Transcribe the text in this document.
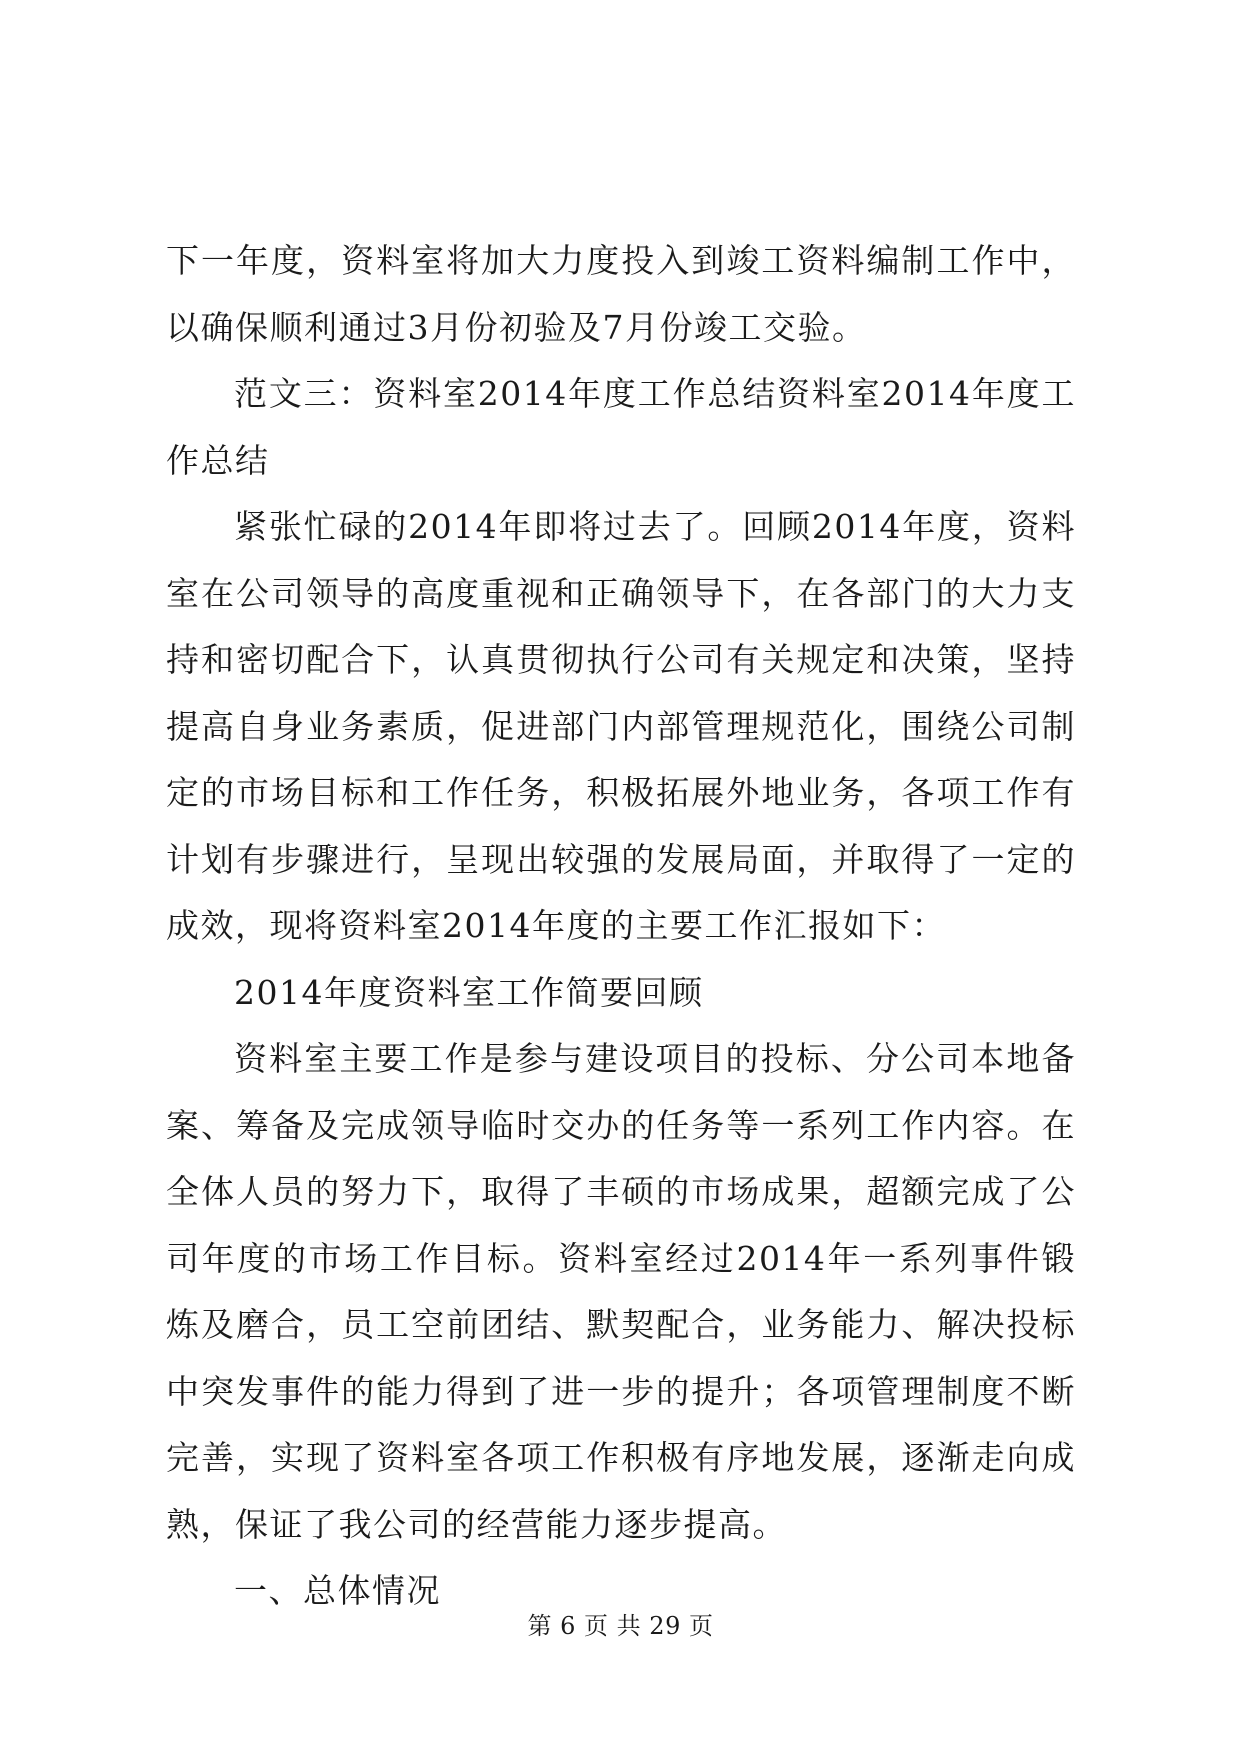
下一年度，资料室将加大力度投入到竣工资料编制工作中，以确保顺利通过3月份初验及7月份竣工交验。

范文三：资料室2014年度工作总结资料室2014年度工作总结

紧张忙碌的2014年即将过去了。回顾2014年度，资料室在公司领导的高度重视和正确领导下，在各部门的大力支持和密切配合下，认真贯彻执行公司有关规定和决策，坚持提高自身业务素质，促进部门内部管理规范化，围绕公司制定的市场目标和工作任务，积极拓展外地业务，各项工作有计划有步骤进行，呈现出较强的发展局面，并取得了一定的成效，现将资料室2014年度的主要工作汇报如下：

2014年度资料室工作简要回顾

资料室主要工作是参与建设项目的投标、分公司本地备案、筹备及完成领导临时交办的任务等一系列工作内容。在全体人员的努力下，取得了丰硕的市场成果，超额完成了公司年度的市场工作目标。资料室经过2014年一系列事件锻炼及磨合，员工空前团结、默契配合，业务能力、解决投标中突发事件的能力得到了进一步的提升；各项管理制度不断完善，实现了资料室各项工作积极有序地发展，逐渐走向成熟，保证了我公司的经营能力逐步提高。

一、总体情况

第 6 页 共 29 页
